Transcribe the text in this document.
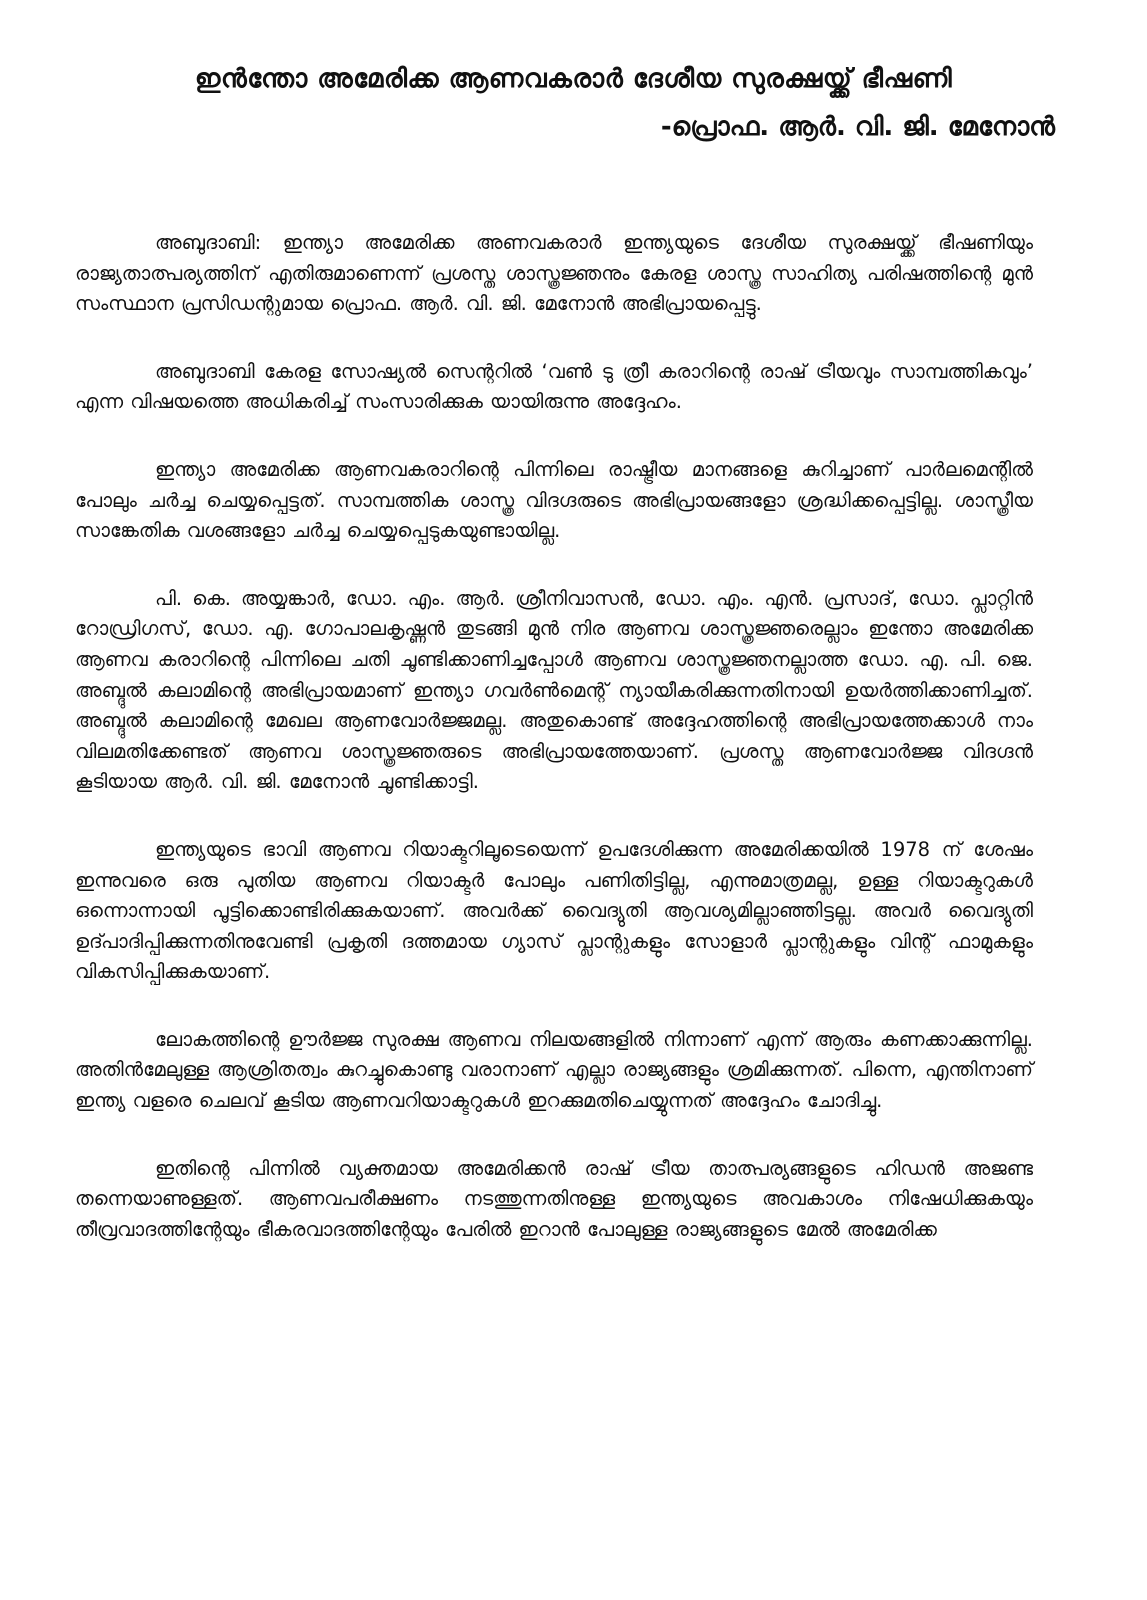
ഇൻന്തോ അമേരിക്ക ആണവകരാർ ദേശീയ സുരക്ഷയ്ക്ക് ഭീഷണി

-പ്രൊഫ. ആർ. വി. ജി. മേനോൻ

അബുദാബി: ഇന്ത്യാ അമേരിക്ക അണവകരാർ ഇന്ത്യയുടെ ദേശീയ സുരക്ഷയ്ക്ക് ഭീഷണിയും രാജ്യതാത്പര്യത്തിന് എതിരുമാണെന്ന് പ്രശസ്ത ശാസ്ത്രജ്ഞനും കേരള ശാസ്ത്ര സാഹിത്യ പരിഷത്തിന്റെ മുൻ സംസ്ഥാന പ്രസിഡന്റുമായ പ്രൊഫ. ആർ. വി. ജി. മേനോൻ അഭിപ്രായപ്പെട്ടു.

അബുദാബി കേരള സോഷ്യൽ സെന്ററിൽ ‘വൺ ടു ത്രീ കരാറിന്റെ രാഷ് ട്രീയവും സാമ്പത്തികവും’ എന്ന വിഷയത്തെ അധികരിച്ച് സംസാരിക്കുക യായിരുന്നു അദ്ദേഹം.

ഇന്ത്യാ അമേരിക്ക ആണവകരാറിന്റെ പിന്നിലെ രാഷ്ട്രീയ മാനങ്ങളെ കുറിച്ചാണ് പാർലമെന്റിൽ പോലും ചർച്ച ചെയ്യപ്പെട്ടത്. സാമ്പത്തിക ശാസ്ത്ര വിദഗ്ദരുടെ അഭിപ്രായങ്ങളോ ശ്രദ്ധിക്കപ്പെട്ടില്ല. ശാസ്ത്രീയ സാങ്കേതിക വശങ്ങളോ ചർച്ച ചെയ്യപ്പെടുകയുണ്ടായില്ല.

പി. കെ. അയ്യങ്കാർ, ഡോ. എം. ആർ. ശ്രീനിവാസൻ, ഡോ. എം. എൻ. പ്രസാദ്, ഡോ. പ്ലാറ്റിൻ റോഡ്രിഗസ്, ഡോ. എ. ഗോപാലകൃഷ്ണൻ തുടങ്ങി മുൻ നിര ആണവ ശാസ്ത്രജ്ഞരെല്ലാം ഇന്തോ അമേരിക്ക ആണവ കരാറിന്റെ പിന്നിലെ ചതി ചൂണ്ടിക്കാണിച്ചപ്പോൾ ആണവ ശാസ്ത്രജ്ഞനല്ലാത്ത ഡോ. എ. പി. ജെ. അബ്ദുൽ കലാമിന്റെ അഭിപ്രായമാണ് ഇന്ത്യാ ഗവർൺമെന്റ് ന്യായീകരിക്കുന്നതിനായി ഉയർത്തിക്കാണിച്ചത്. അബ്ദുൽ കലാമിന്റെ മേഖല ആണവോർജ്ജമല്ല. അതുകൊണ്ട് അദ്ദേഹത്തിന്റെ അഭിപ്രായത്തേക്കാൾ നാം വിലമതിക്കേണ്ടത് ആണവ ശാസ്ത്രജ്ഞരുടെ അഭിപ്രായത്തേയാണ്. പ്രശസ്ത ആണവോർജ്ജ വിദഗ്ദൻ കൂടിയായ ആർ. വി. ജി. മേനോൻ ചൂണ്ടിക്കാട്ടി.

ഇന്ത്യയുടെ ഭാവി ആണവ റിയാക്ടറിലൂടെയെന്ന് ഉപദേശിക്കുന്ന അമേരിക്കയിൽ 1978 ന് ശേഷം ഇന്നുവരെ ഒരു പുതിയ ആണവ റിയാക്ടർ പോലും പണിതിട്ടില്ല, എന്നുമാത്രമല്ല, ഉള്ള റിയാക്ടറുകൾ ഒന്നൊന്നായി പൂട്ടിക്കൊണ്ടിരിക്കുകയാണ്. അവർക്ക് വൈദ്യുതി ആവശ്യമില്ലാഞ്ഞിട്ടല്ല. അവർ വൈദ്യുതി ഉദ്പാദിപ്പിക്കുന്നതിനുവേണ്ടി പ്രകൃതി ദത്തമായ ഗ്യാസ് പ്ലാന്റുകളും സോളാർ പ്ലാന്റുകളും വിന്റ് ഫാമുകളും വികസിപ്പിക്കുകയാണ്.

ലോകത്തിന്റെ ഊർജ്ജ സുരക്ഷ ആണവ നിലയങ്ങളിൽ നിന്നാണ് എന്ന് ആരും കണക്കാക്കുന്നില്ല. അതിൻമേലുള്ള ആശ്രിതത്വം കുറച്ചുകൊണ്ടു വരാനാണ് എല്ലാ രാജ്യങ്ങളും ശ്രമിക്കുന്നത്. പിന്നെ, എന്തിനാണ് ഇന്ത്യ വളരെ ചെലവ് കൂടിയ ആണവറിയാക്ടറുകൾ ഇറക്കുമതിചെയ്യുന്നത് അദ്ദേഹം ചോദിച്ചു.

ഇതിന്റെ പിന്നിൽ വ്യക്തമായ അമേരിക്കൻ രാഷ് ട്രീയ താത്പര്യങ്ങളുടെ ഹിഡൻ അജണ്ട തന്നെയാണുള്ളത്. ആണവപരീക്ഷണം നടത്തുന്നതിനുള്ള ഇന്ത്യയുടെ അവകാശം നിഷേധിക്കുകയും തീവ്രവാദത്തിന്റേയും ഭീകരവാദത്തിന്റേയും പേരിൽ ഇറാൻ പോലുള്ള രാജ്യങ്ങളുടെ മേൽ അമേരിക്ക
